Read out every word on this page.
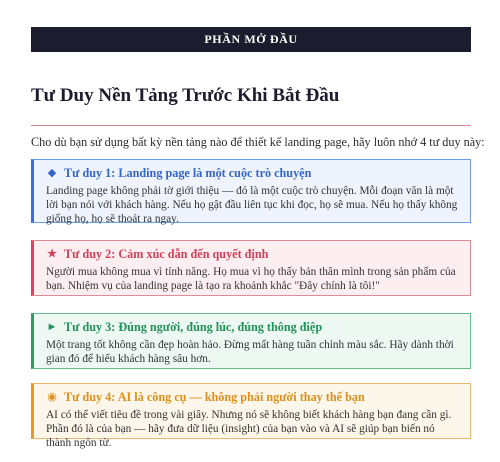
PHẦN MỞ ĐẦU
Tư Duy Nền Tảng Trước Khi Bắt Đầu

Cho dù bạn sử dụng bất kỳ nền tảng nào để thiết kế landing page, hãy luôn nhớ 4 tư duy này:

◆ Tư duy 1: Landing page là một cuộc trò chuyện

Landing page không phải tờ giới thiệu — đó là một cuộc trò chuyện. Mỗi đoạn văn là một lời bạn nói với khách hàng. Nếu họ gật đầu liên tục khi đọc, họ sẽ mua. Nếu họ thấy không giống họ, họ sẽ thoát ra ngay.

★ Tư duy 2: Cảm xúc dẫn đến quyết định

Người mua không mua vì tính năng. Họ mua vì họ thấy bản thân mình trong sản phẩm của bạn. Nhiệm vụ của landing page là tạo ra khoảnh khắc "Đây chính là tôi!"

► Tư duy 3: Đúng người, đúng lúc, đúng thông điệp

Một trang tốt không cần đẹp hoàn hảo. Đừng mất hàng tuần chỉnh màu sắc. Hãy dành thời gian đó để hiểu khách hàng sâu hơn.

◉ Tư duy 4: AI là công cụ — không phải người thay thế bạn

AI có thể viết tiêu đề trong vài giây. Nhưng nó sẽ không biết khách hàng bạn đang cần gì. Phần đó là của bạn — hãy đưa dữ liệu (insight) của bạn vào và AI sẽ giúp bạn biến nó thành ngôn từ.
